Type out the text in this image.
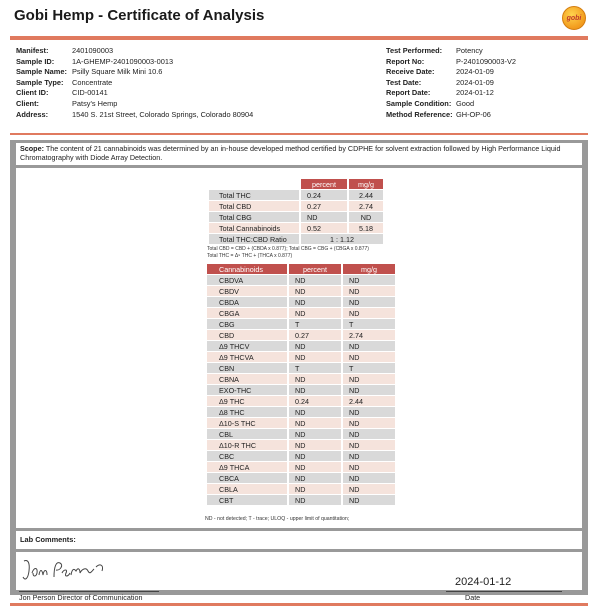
Gobi Hemp - Certificate of Analysis	gobi
Manifest:	2401090003
Sample ID:	1A-GHEMP-2401090003-0013
Sample Name: Psilly Square Milk Mini 10.6
Sample Type:	Concentrate
Client ID:	CID-00141
Client:	Patsy's Hemp
Address:	1540 S. 21st Street, Colorado Springs, Colorado 80904
Test Performed:	Potency
Report No:	P-2401090003-V2
Receive Date:	2024-01-09
Test Date:	2024-01-09
Report Date:	2024-01-12
Sample Condition: Good
Method Reference: GH-OP-06
Scope: The content of 21 cannabinoids was determined by an in-house developed method certified by CDPHE for solvent extraction followed by High Performance Liquid Chromatography with Diode Array Detection.
	percent	mg/g
Total THC	0.24	2.44
Total CBD	0.27	2.74
Total CBG	ND	ND
Total Cannabinoids	0.52	5.18
Total THC:CBD Ratio	1 : 1.12	
Total CBD = CBD + (CBDA x 0.877); Total CBG = CBG + (CBGA x 0.877)
Total THC = Δ⁹ THC + (THCA x 0.877)
Cannabinoids	percent	mg/g
CBDVA	ND	ND
CBDV	ND	ND
CBDA	ND	ND
CBGA	ND	ND
CBG	T	T
CBD	0.27	2.74
Δ9 THCV	ND	ND
Δ9 THCVA	ND	ND
CBN	T	T
CBNA	ND	ND
EXO-THC	ND	ND
Δ9 THC	0.24	2.44
Δ8 THC	ND	ND
Δ10-S THC	ND	ND
CBL	ND	ND
Δ10-R THC	ND	ND
CBC	ND	ND
Δ9 THCA	ND	ND
CBCA	ND	ND
CBLA	ND	ND
CBT	ND	ND
ND - not detected; T - trace; ULOQ - upper limit of quantitation;
Lab Comments:
2024-01-12
Jon Person Director of Communication	Date
